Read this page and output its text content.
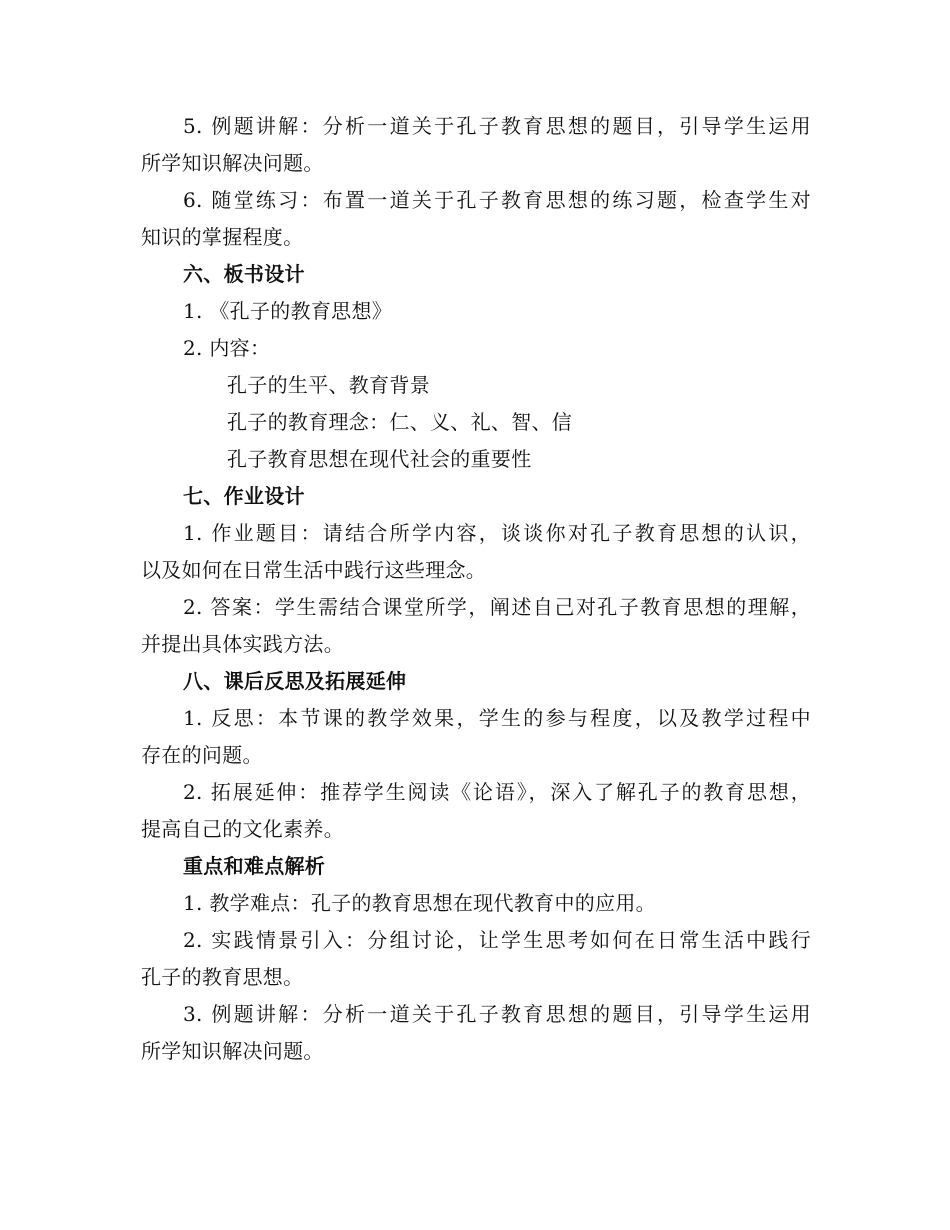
5. 例题讲解：分析一道关于孔子教育思想的题目，引导学生运用
所学知识解决问题。
6. 随堂练习：布置一道关于孔子教育思想的练习题，检查学生对
知识的掌握程度。
六、板书设计
1. 《孔子的教育思想》
2. 内容：
孔子的生平、教育背景
孔子的教育理念：仁、义、礼、智、信
孔子教育思想在现代社会的重要性
七、作业设计
1. 作业题目：请结合所学内容，谈谈你对孔子教育思想的认识，
以及如何在日常生活中践行这些理念。
2. 答案：学生需结合课堂所学，阐述自己对孔子教育思想的理解，
并提出具体实践方法。
八、课后反思及拓展延伸
1. 反思：本节课的教学效果，学生的参与程度，以及教学过程中
存在的问题。
2. 拓展延伸：推荐学生阅读《论语》，深入了解孔子的教育思想，
提高自己的文化素养。
重点和难点解析
1. 教学难点：孔子的教育思想在现代教育中的应用。
2. 实践情景引入：分组讨论，让学生思考如何在日常生活中践行
孔子的教育思想。
3. 例题讲解：分析一道关于孔子教育思想的题目，引导学生运用
所学知识解决问题。
